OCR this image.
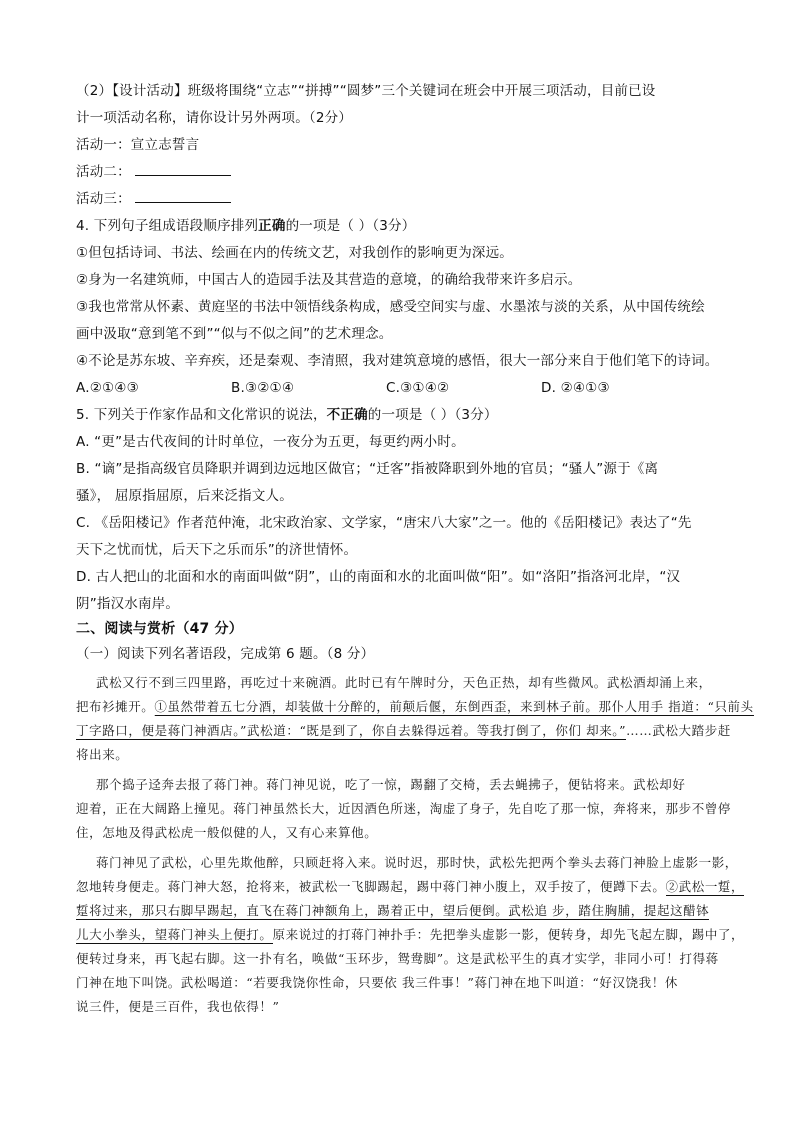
（2）【设计活动】班级将围绕“立志”“拼搏”“圆梦”三个关键词在班会中开展三项活动，目前已设
计一项活动名称，请你设计另外两项。（2分）
活动一：宣立志誓言
活动二：
活动三：
4. 下列句子组成语段顺序排列正确的一项是（ ）（3分）
①但包括诗词、书法、绘画在内的传统文艺，对我创作的影响更为深远。
②身为一名建筑师，中国古人的造园手法及其营造的意境，的确给我带来许多启示。
③我也常常从怀素、黄庭坚的书法中领悟线条构成，感受空间实与虚、水墨浓与淡的关系，从中国传统绘
画中汲取“意到笔不到”“似与不似之间”的艺术理念。
④不论是苏东坡、辛弃疾，还是秦观、李清照，我对建筑意境的感悟，很大一部分来自于他们笔下的诗词。
A.②①④③	B.③②①④	C.③①④②	D. ②④①③
5. 下列关于作家作品和文化常识的说法，不正确的一项是（ ）（3分）
A. “更”是古代夜间的计时单位，一夜分为五更，每更约两小时。
B. “谪”是指高级官员降职并调到边远地区做官；“迁客”指被降职到外地的官员；“骚人”源于《离
骚》， 屈原指屈原，后来泛指文人。
C. 《岳阳楼记》作者范仲淹，北宋政治家、文学家，“唐宋八大家”之一。他的《岳阳楼记》表达了“先
天下之忧而忧，后天下之乐而乐”的济世情怀。
D. 古人把山的北面和水的南面叫做“阴”，山的南面和水的北面叫做“阳”。如“洛阳”指洛河北岸，“汉
阴”指汉水南岸。
二、阅读与赏析（47 分）
（一）阅读下列名著语段，完成第 6 题。（8 分）
武松又行不到三四里路，再吃过十来碗酒。此时已有午牌时分，天色正热，却有些微风。武松酒却涌上来，
把布衫摊开。①虽然带着五七分酒，却装做十分醉的，前颠后偃，东倒西歪，来到林子前。那仆人用手 指道：“只前头
丁字路口，便是蒋门神酒店。”武松道：“既是到了，你自去躲得远着。等我打倒了，你们 却来。”……武松大踏步赶
将出来。
那个捣子迳奔去报了蒋门神。蒋门神见说，吃了一惊，踢翻了交椅，丢去蝇拂子，便钻将来。武松却好
迎着，正在大阔路上撞见。蒋门神虽然长大，近因酒色所迷，淘虚了身子，先自吃了那一惊，奔将来，那步不曾停
住，怎地及得武松虎一般似健的人，又有心来算他。
蒋门神见了武松，心里先欺他醉，只顾赶将入来。说时迟，那时快，武松先把两个拳头去蒋门神脸上虚影一影，
忽地转身便走。蒋门神大怒，抢将来，被武松一飞脚踢起，踢中蒋门神小腹上，双手按了，便蹲下去。②武松一踅，
踅将过来，那只右脚早踢起，直飞在蒋门神额角上，踢着正中，望后便倒。武松追 步，踏住胸脯，提起这醋钵
儿大小拳头，望蒋门神头上便打。原来说过的打蒋门神扑手：先把拳头虚影一影，便转身，却先飞起左脚，踢中了，
便转过身来，再飞起右脚。这一扑有名，唤做“玉环步，鸳鸯脚”。这是武松平生的真才实学，非同小可！打得蒋
门神在地下叫饶。武松喝道：“若要我饶你性命，只要依 我三件事！”蒋门神在地下叫道：“好汉饶我！休
说三件，便是三百件，我也依得！”
